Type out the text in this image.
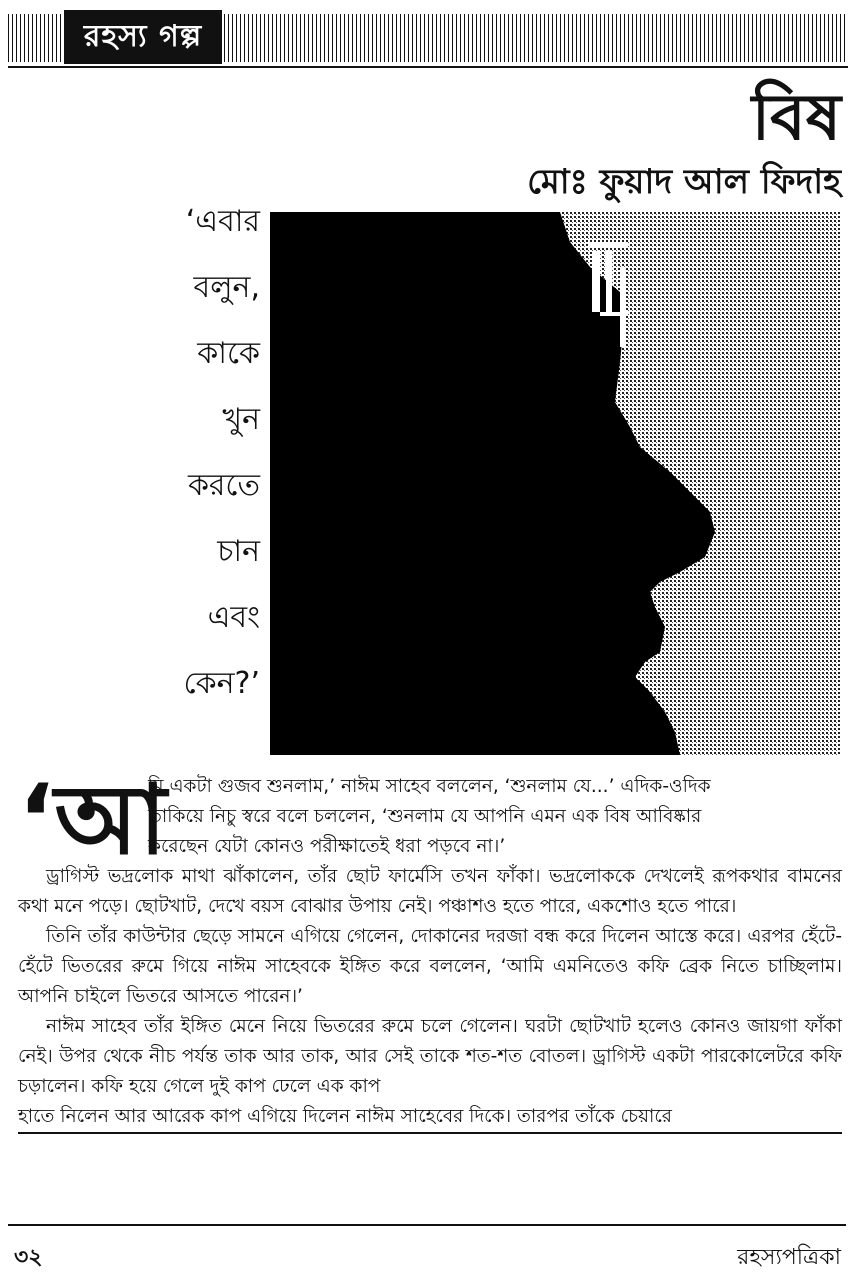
রহস্য গল্প
বিষ
মোঃ ফুয়াদ আল ফিদাহ
‘এবার
বলুন,
কাকে
খুন
করতে
চান
এবং
কেন?’
‘আ
মি একটা গুজব শুনলাম,’ নাঈম সাহেব বললেন, ‘শুনলাম যে...’ এদিক-ওদিক
তাকিয়ে নিচু স্বরে বলে চললেন, ‘শুনলাম যে আপনি এমন এক বিষ আবিষ্কার
করেছেন যেটা কোনও পরীক্ষাতেই ধরা পড়বে না।’

ড্রাগিস্ট ভদ্রলোক মাথা ঝাঁকালেন, তাঁর ছোট ফার্মেসি তখন ফাঁকা। ভদ্রলোককে দেখলেই রূপকথার বামনের কথা মনে পড়ে। ছোটখাট, দেখে বয়স বোঝার উপায় নেই। পঞ্চাশও হতে পারে, একশোও হতে পারে।

তিনি তাঁর কাউন্টার ছেড়ে সামনে এগিয়ে গেলেন, দোকানের দরজা বন্ধ করে দিলেন আস্তে করে। এরপর হেঁটে-হেঁটে ভিতরের রুমে গিয়ে নাঈম সাহেবকে ইঙ্গিত করে বললেন, ‘আমি এমনিতেও কফি ব্রেক নিতে চাচ্ছিলাম। আপনি চাইলে ভিতরে আসতে পারেন।’

নাঈম সাহেব তাঁর ইঙ্গিত মেনে নিয়ে ভিতরের রুমে চলে গেলেন। ঘরটা ছোটখাট হলেও কোনও জায়গা ফাঁকা নেই। উপর থেকে নীচ পর্যন্ত তাক আর তাক, আর সেই তাকে শত-শত বোতল। ড্রাগিস্ট একটা পারকোলেটরে কফি চড়ালেন। কফি হয়ে গেলে দুই কাপ ঢেলে এক কাপ

হাতে নিলেন আর আরেক কাপ এগিয়ে দিলেন নাঈম সাহেবের দিকে। তারপর তাঁকে চেয়ারে
৩২	রহস্যপত্রিকা
